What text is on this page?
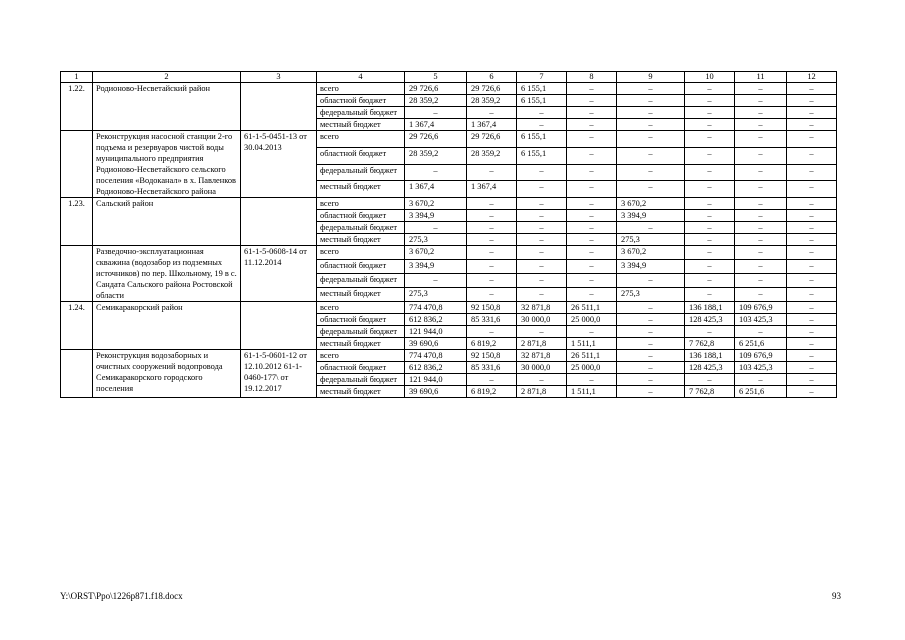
1	2	3	4	5	6	7	8	9	10	11	12
1.22.	Родионово-Несветайский район		всего	29 726,6	29 726,6	6 155,1	–	–	–	–	–
			областной бюджет	28 359,2	28 359,2	6 155,1	–	–	–	–	–
			федеральный бюджет	–	–	–	–	–	–	–	–
			местный бюджет	1 367,4	1 367,4	–	–	–	–	–	–
	Реконструкция насосной станции 2-го подъема и резервуаров чистой воды муниципального предприятия Родионово-Несветайского сельского поселения «Водоканал» в х. Павленков Родионово-Несветайского района	61-1-5-0451-13 от 30.04.2013	всего	29 726,6	29 726,6	6 155,1	–	–	–	–	–
			областной бюджет	28 359,2	28 359,2	6 155,1	–	–	–	–	–
			федеральный бюджет	–	–	–	–	–	–	–	–
			местный бюджет	1 367,4	1 367,4	–	–	–	–	–	–
1.23.	Сальский район		всего	3 670,2	–	–	–	3 670,2	–	–	–
			областной бюджет	3 394,9	–	–	–	3 394,9	–	–	–
			федеральный бюджет	–	–	–	–	–	–	–	–
			местный бюджет	275,3	–	–	–	275,3	–	–	–
	Разведочно-эксплуатационная скважина (водозабор из подземных источников) по пер. Школьному, 19 в с. Сандата Сальского района Ростовской области	61-1-5-0608-14 от 11.12.2014	всего	3 670,2	–	–	–	3 670,2	–	–	–
			областной бюджет	3 394,9	–	–	–	3 394,9	–	–	–
			федеральный бюджет	–	–	–	–	–	–	–	–
			местный бюджет	275,3	–	–	–	275,3	–	–	–
1.24.	Семикаракорский район		всего	774 470,8	92 150,8	32 871,8	26 511,1	–	136 188,1	109 676,9	–
			областной бюджет	612 836,2	85 331,6	30 000,0	25 000,0	–	128 425,3	103 425,3	–
			федеральный бюджет	121 944,0	–	–	–	–	–	–	–
			местный бюджет	39 690,6	6 819,2	2 871,8	1 511,1	–	7 762,8	6 251,6	–
	Реконструкция водозаборных и очистных сооружений водопровода Семикаракорского городского поселения	61-1-5-0601-12 от 12.10.2012 61-1-0460-177\ от 19.12.2017	всего	774 470,8	92 150,8	32 871,8	26 511,1	–	136 188,1	109 676,9	–
			областной бюджет	612 836,2	85 331,6	30 000,0	25 000,0	–	128 425,3	103 425,3	–
			федеральный бюджет	121 944,0	–	–	–	–	–	–	–
			местный бюджет	39 690,6	6 819,2	2 871,8	1 511,1	–	7 762,8	6 251,6	–
Y:\ORST\Ppo\1226p871.f18.docx	93
